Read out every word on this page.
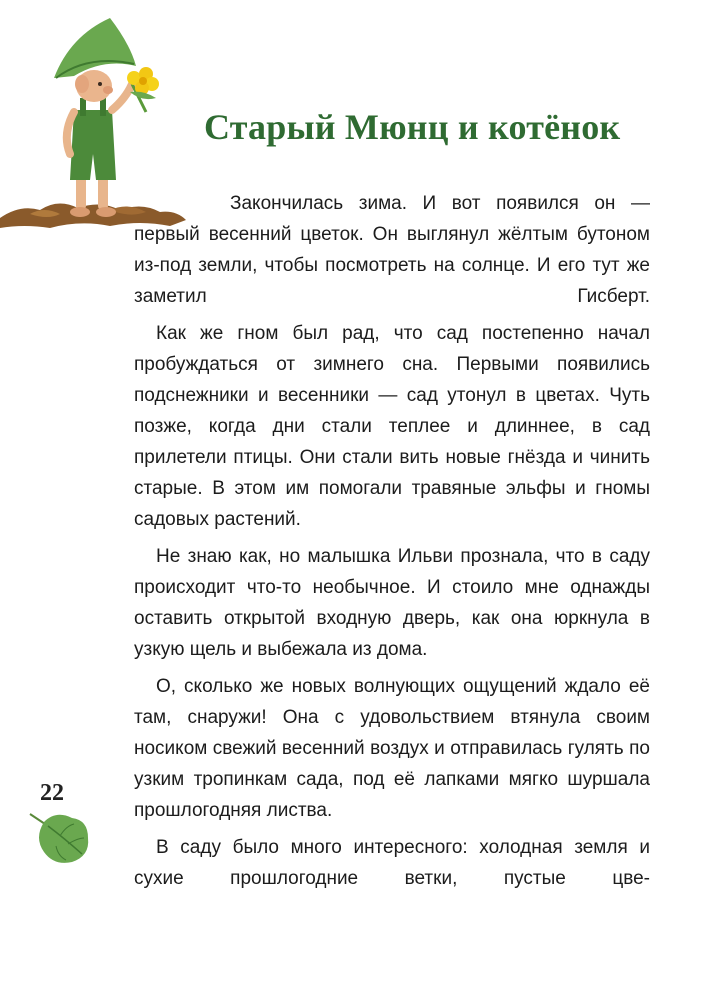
Старый Мюнц и котёнок

Закончилась зима. И вот появился он — первый весенний цветок. Он выглянул жёлтым бутоном из-под земли, чтобы посмотреть на солнце. И его тут же заметил Гисберт.

Как же гном был рад, что сад постепенно начал пробуждаться от зимнего сна. Первыми появились подснежники и весенники — сад утонул в цветах. Чуть позже, когда дни стали теплее и длиннее, в сад прилетели птицы. Они стали вить новые гнёзда и чинить старые. В этом им помогали травяные эльфы и гномы садовых растений.

Не знаю как, но малышка Ильви прознала, что в саду происходит что-то необычное. И стоило мне однажды оставить открытой входную дверь, как она юркнула в узкую щель и выбежала из дома.

О, сколько же новых волнующих ощущений ждало её там, снаружи! Она с удовольствием втянула своим носиком свежий весенний воздух и отправилась гулять по узким тропинкам сада, под её лапками мягко шуршала прошлогодняя листва.

В саду было много интересного: холодная земля и сухие прошлогодние ветки, пустые цве-

22
